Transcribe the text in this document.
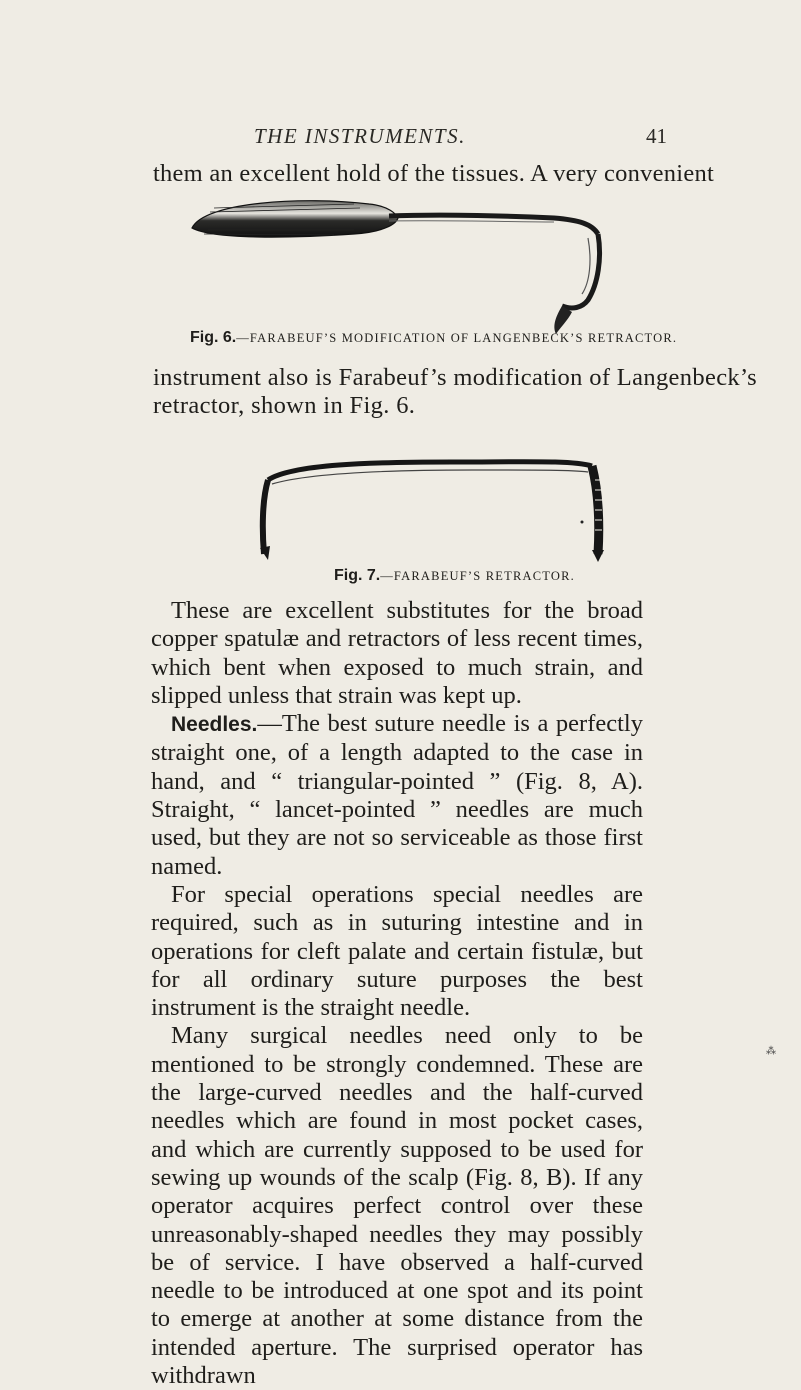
THE INSTRUMENTS.	41
them an excellent hold of the tissues. A very convenient
Fig. 6.—FARABEUF’S MODIFICATION OF LANGENBECK’S RETRACTOR.
instrument also is Farabeuf’s modification of Langenbeck’s
retractor, shown in Fig. 6.
Fig. 7.—FARABEUF’S RETRACTOR.

These are excellent substitutes for the broad copper spatulæ and retractors of less recent times, which bent when exposed to much strain, and slipped unless that strain was kept up.

Needles.—The best suture needle is a perfectly straight one, of a length adapted to the case in hand, and “ triangular-pointed ” (Fig. 8, A). Straight, “ lancet-pointed ” needles are much used, but they are not so serviceable as those first named.

For special operations special needles are required, such as in suturing intestine and in operations for cleft palate and certain fistulæ, but for all ordinary suture purposes the best instrument is the straight needle.

Many surgical needles need only to be mentioned to be strongly condemned. These are the large-curved needles and the half-curved needles which are found in most pocket cases, and which are currently supposed to be used for sewing up wounds of the scalp (Fig. 8, B). If any operator acquires perfect control over these unreasonably-shaped needles they may possibly be of service. I have observed a half-curved needle to be introduced at one spot and its point to emerge at another at some distance from the intended aperture. The surprised operator has withdrawn

⁂
